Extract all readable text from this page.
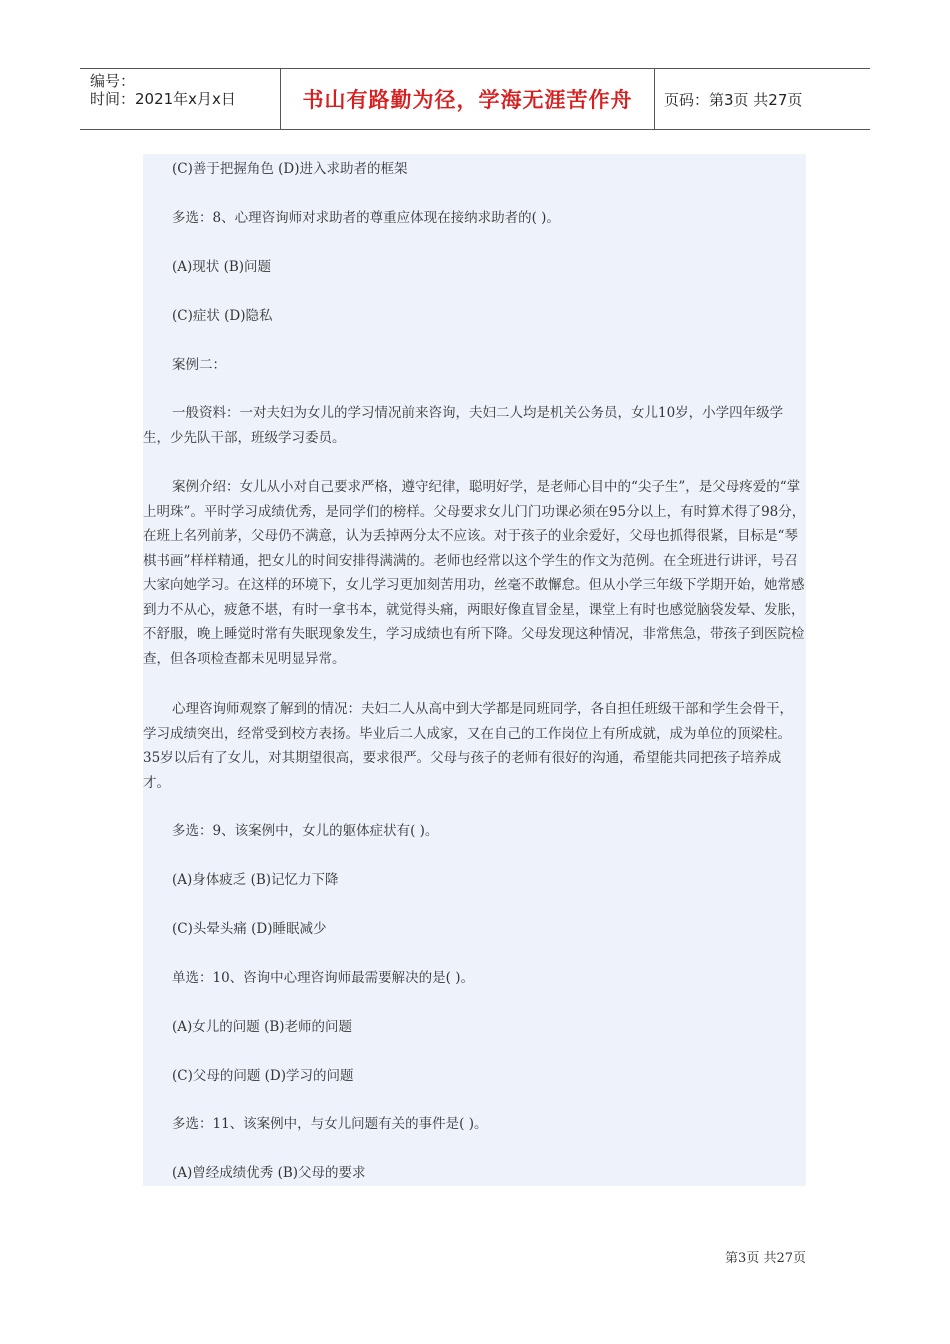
编号：
时间：2021年x月x日	书山有路勤为径，学海无涯苦作舟	页码：第3页 共27页
(C)善于把握角色 (D)进入求助者的框架
多选：8、心理咨询师对求助者的尊重应体现在接纳求助者的( )。
(A)现状 (B)问题
(C)症状 (D)隐私
案例二：
一般资料：一对夫妇为女儿的学习情况前来咨询，夫妇二人均是机关公务员，女儿10岁，小学四年级学生，少先队干部，班级学习委员。
案例介绍：女儿从小对自己要求严格，遵守纪律，聪明好学，是老师心目中的“尖子生”，是父母疼爱的“掌上明珠”。平时学习成绩优秀，是同学们的榜样。父母要求女儿门门功课必须在95分以上，有时算术得了98分，在班上名列前茅，父母仍不满意，认为丢掉两分太不应该。对于孩子的业余爱好，父母也抓得很紧，目标是“琴棋书画”样样精通，把女儿的时间安排得满满的。老师也经常以这个学生的作文为范例。在全班进行讲评，号召大家向她学习。在这样的环境下，女儿学习更加刻苦用功，丝毫不敢懈怠。但从小学三年级下学期开始，她常感到力不从心，疲惫不堪，有时一拿书本，就觉得头痛，两眼好像直冒金星，课堂上有时也感觉脑袋发晕、发胀，不舒服，晚上睡觉时常有失眠现象发生，学习成绩也有所下降。父母发现这种情况，非常焦急，带孩子到医院检查，但各项检查都未见明显异常。
心理咨询师观察了解到的情况：夫妇二人从高中到大学都是同班同学，各自担任班级干部和学生会骨干，学习成绩突出，经常受到校方表扬。毕业后二人成家，又在自己的工作岗位上有所成就，成为单位的顶梁柱。35岁以后有了女儿，对其期望很高，要求很严。父母与孩子的老师有很好的沟通，希望能共同把孩子培养成才。
多选：9、该案例中，女儿的躯体症状有( )。
(A)身体疲乏 (B)记忆力下降
(C)头晕头痛 (D)睡眠减少
单选：10、咨询中心理咨询师最需要解决的是( )。
(A)女儿的问题 (B)老师的问题
(C)父母的问题 (D)学习的问题
多选：11、该案例中，与女儿问题有关的事件是( )。
(A)曾经成绩优秀 (B)父母的要求
第3页 共27页
